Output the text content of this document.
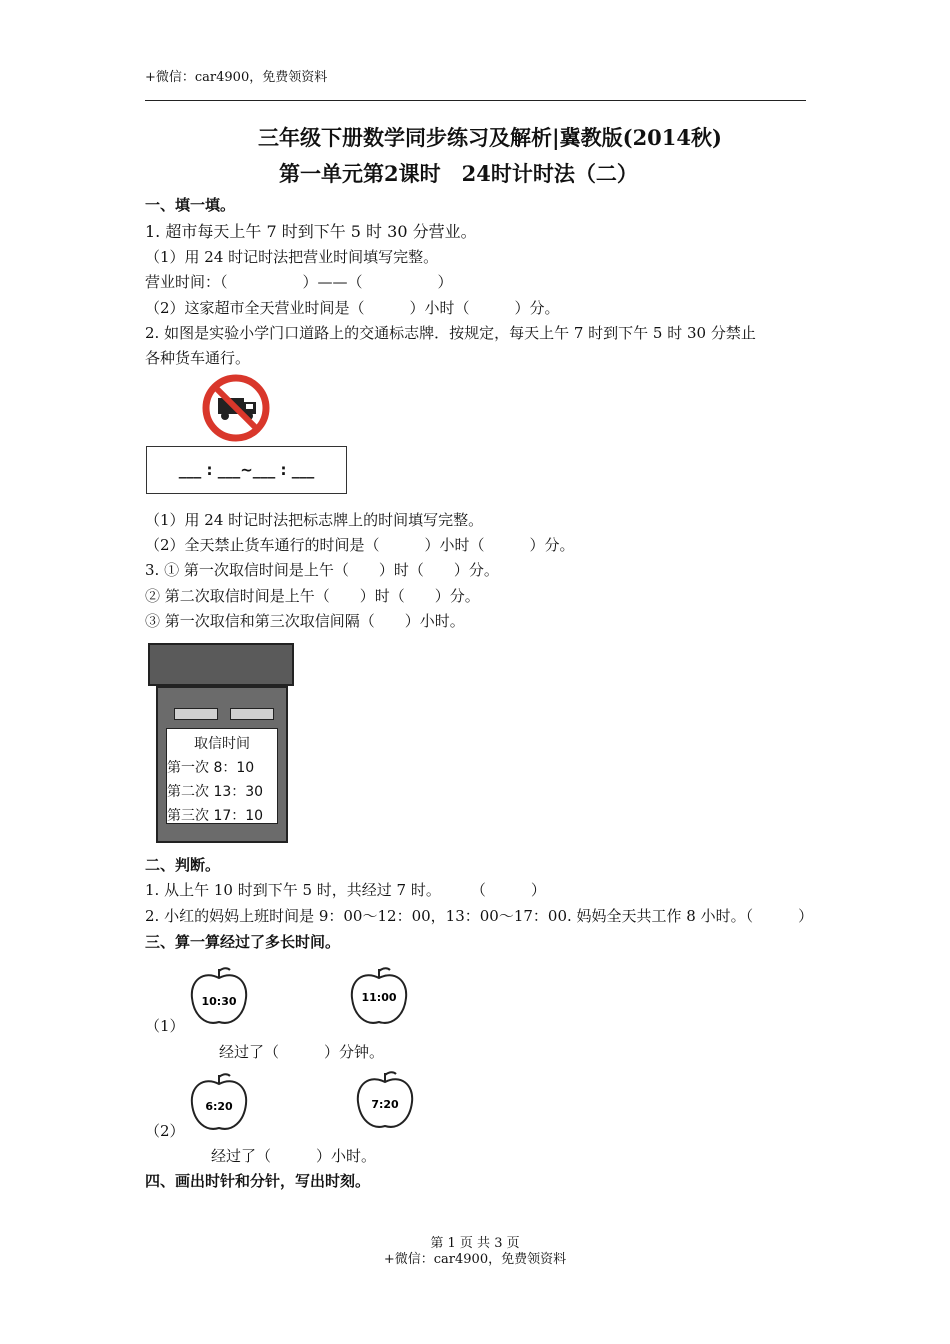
+微信：car4900，免费领资料
三年级下册数学同步练习及解析|冀教版(2014秋)
第一单元第2课时　24时计时法（二）
一、填一填。
1. 超市每天上午 7 时到下午 5 时 30 分营业。
（1）用 24 时记时法把营业时间填写完整。
营业时间：（　　　　　）——（　　　　　）
（2）这家超市全天营业时间是（　　　）小时（　　　）分。
2. 如图是实验小学门口道路上的交通标志牌．按规定，每天上午 7 时到下午 5 时 30 分禁止
各种货车通行。
___ : ___~___ : ___
（1）用 24 时记时法把标志牌上的时间填写完整。
（2）全天禁止货车通行的时间是（　　　）小时（　　　）分。
3. ① 第一次取信时间是上午（　　）时（　　）分。
② 第二次取信时间是上午（　　）时（　　）分。
③ 第一次取信和第三次取信间隔（　　）小时。
取信时间
第一次 8：10
第二次 13：30
第三次 17：10
二、判断。
1. 从上午 10 时到下午 5 时，共经过 7 时。　　　（　　　）
2. 小红的妈妈上班时间是 9：00～12：00，13：00～17：00. 妈妈全天共工作 8 小时。（　　　）
三、算一算经过了多长时间。
10:30	11:00
（1）
经过了（　　　）分钟。
6:20	7:20
（2）
经过了（　　　）小时。
四、画出时针和分针，写出时刻。
第 1 页 共 3 页
+微信：car4900，免费领资料
